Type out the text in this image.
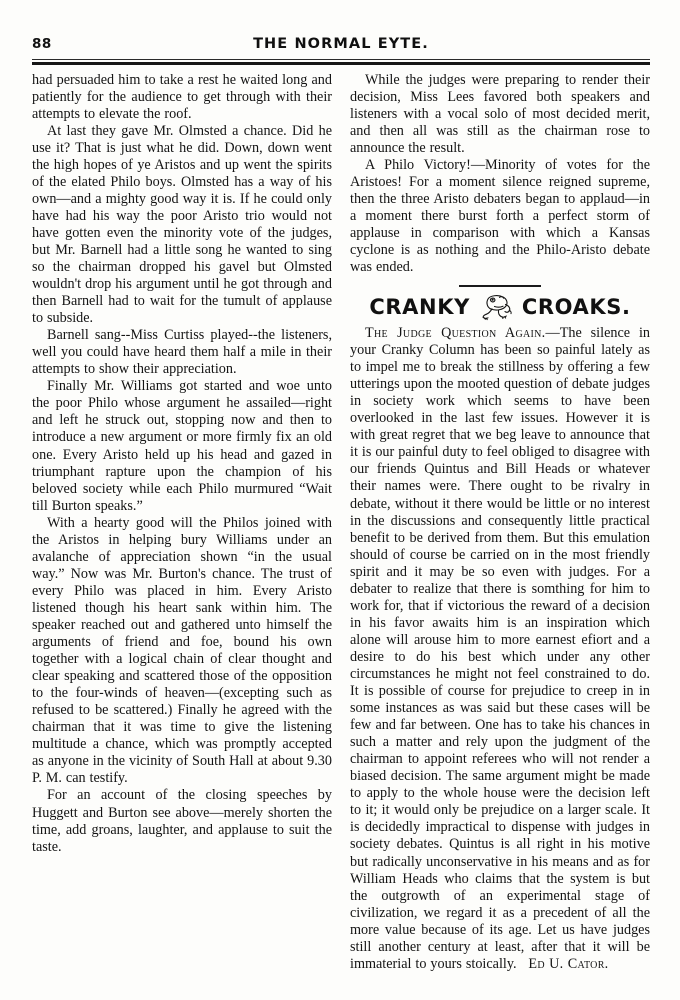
88	THE NORMAL EYTE.

had persuaded him to take a rest he waited long and patiently for the audience to get through with their attempts to elevate the roof.

At last they gave Mr. Olmsted a chance. Did he use it? That is just what he did. Down, down went the high hopes of ye Aristos and up went the spirits of the elated Philo boys. Olmsted has a way of his own—and a mighty good way it is. If he could only have had his way the poor Aristo trio would not have gotten even the minority vote of the judges, but Mr. Barnell had a little song he wanted to sing so the chairman dropped his gavel but Olmsted wouldn't drop his argument until he got through and then Barnell had to wait for the tumult of applause to subside.

Barnell sang--Miss Curtiss played--the listeners, well you could have heard them half a mile in their attempts to show their appreciation.

Finally Mr. Williams got started and woe unto the poor Philo whose argument he assailed—right and left he struck out, stopping now and then to introduce a new argument or more firmly fix an old one. Every Aristo held up his head and gazed in triumphant rapture upon the champion of his beloved society while each Philo murmured “Wait till Burton speaks.”

With a hearty good will the Philos joined with the Aristos in helping bury Williams under an avalanche of appreciation shown “in the usual way.” Now was Mr. Burton's chance. The trust of every Philo was placed in him. Every Aristo listened though his heart sank within him. The speaker reached out and gathered unto himself the arguments of friend and foe, bound his own together with a logical chain of clear thought and clear speaking and scattered those of the opposition to the four-winds of heaven—(excepting such as refused to be scattered.) Finally he agreed with the chairman that it was time to give the listening multitude a chance, which was promptly accepted as anyone in the vicinity of South Hall at about 9.30 P. M. can testify.

For an account of the closing speeches by Huggett and Burton see above—merely shorten the time, add groans, laughter, and applause to suit the taste.

While the judges were preparing to render their decision, Miss Lees favored both speakers and listeners with a vocal solo of most decided merit, and then all was still as the chairman rose to announce the result.

A Philo Victory!—Minority of votes for the Aristoes! For a moment silence reigned supreme, then the three Aristo debaters began to applaud—in a moment there burst forth a perfect storm of applause in comparison with which a Kansas cyclone is as nothing and the Philo-Aristo debate was ended.

CRANKY CROAKS.

The Judge Question Again.—The silence in your Cranky Column has been so painful lately as to impel me to break the stillness by offering a few utterings upon the mooted question of debate judges in society work which seems to have been overlooked in the last few issues. However it is with great regret that we beg leave to announce that it is our painful duty to feel obliged to disagree with our friends Quintus and Bill Heads or whatever their names were. There ought to be rivalry in debate, without it there would be little or no interest in the discussions and consequently little practical benefit to be derived from them. But this emulation should of course be carried on in the most friendly spirit and it may be so even with judges. For a debater to realize that there is somthing for him to work for, that if victorious the reward of a decision in his favor awaits him is an inspiration which alone will arouse him to more earnest efiort and a desire to do his best which under any other circumstances he might not feel constrained to do. It is possible of course for prejudice to creep in in some instances as was said but these cases will be few and far between. One has to take his chances in such a matter and rely upon the judgment of the chairman to appoint referees who will not render a biased decision. The same argument might be made to apply to the whole house were the decision left to it; it would only be prejudice on a larger scale. It is decidedly impractical to dispense with judges in society debates. Quintus is all right in his motive but radically unconservative in his means and as for William Heads who claims that the system is but the outgrowth of an experimental stage of civilization, we regard it as a precedent of all the more value because of its age. Let us have judges still another century at least, after that it will be immaterial to yours stoically. Ed U. Cator.
